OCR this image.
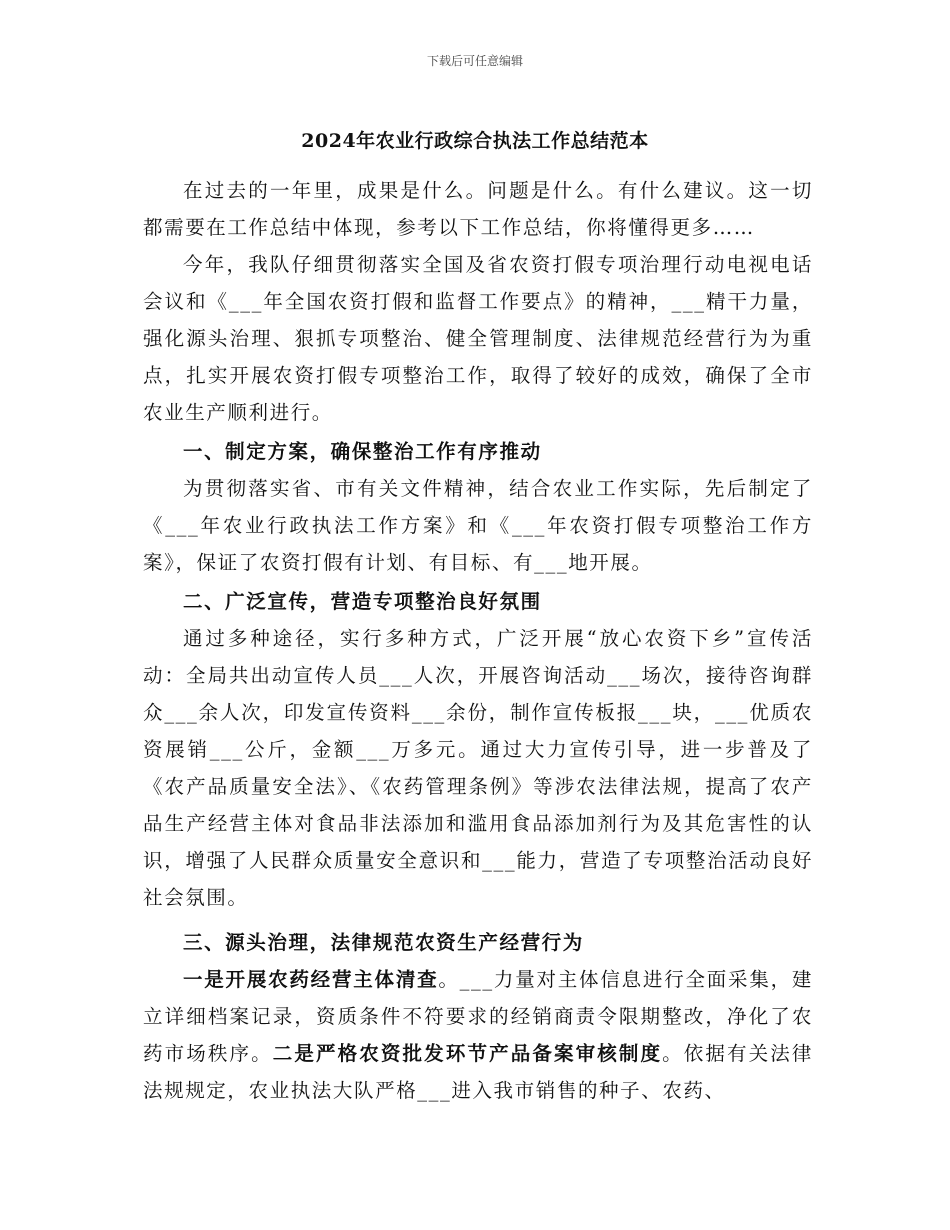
下载后可任意编辑
2024年农业行政综合执法工作总结范本

在过去的一年里，成果是什么。问题是什么。有什么建议。这一切都需要在工作总结中体现，参考以下工作总结，你将懂得更多……

今年，我队仔细贯彻落实全国及省农资打假专项治理行动电视电话会议和《___年全国农资打假和监督工作要点》的精神，___精干力量，强化源头治理、狠抓专项整治、健全管理制度、法律规范经营行为为重点，扎实开展农资打假专项整治工作，取得了较好的成效，确保了全市农业生产顺利进行。

一、制定方案，确保整治工作有序推动

为贯彻落实省、市有关文件精神，结合农业工作实际，先后制定了《___年农业行政执法工作方案》和《___年农资打假专项整治工作方案》，保证了农资打假有计划、有目标、有___地开展。

二、广泛宣传，营造专项整治良好氛围

通过多种途径，实行多种方式，广泛开展“放心农资下乡”宣传活动：全局共出动宣传人员___人次，开展咨询活动___场次，接待咨询群众___余人次，印发宣传资料___余份，制作宣传板报___块，___优质农资展销___公斤，金额___万多元。通过大力宣传引导，进一步普及了《农产品质量安全法》、《农药管理条例》等涉农法律法规，提高了农产品生产经营主体对食品非法添加和滥用食品添加剂行为及其危害性的认识，增强了人民群众质量安全意识和___能力，营造了专项整治活动良好社会氛围。

三、源头治理，法律规范农资生产经营行为

一是开展农药经营主体清查。___力量对主体信息进行全面采集，建立详细档案记录，资质条件不符要求的经销商责令限期整改，净化了农药市场秩序。二是严格农资批发环节产品备案审核制度。依据有关法律法规规定，农业执法大队严格___进入我市销售的种子、农药、
